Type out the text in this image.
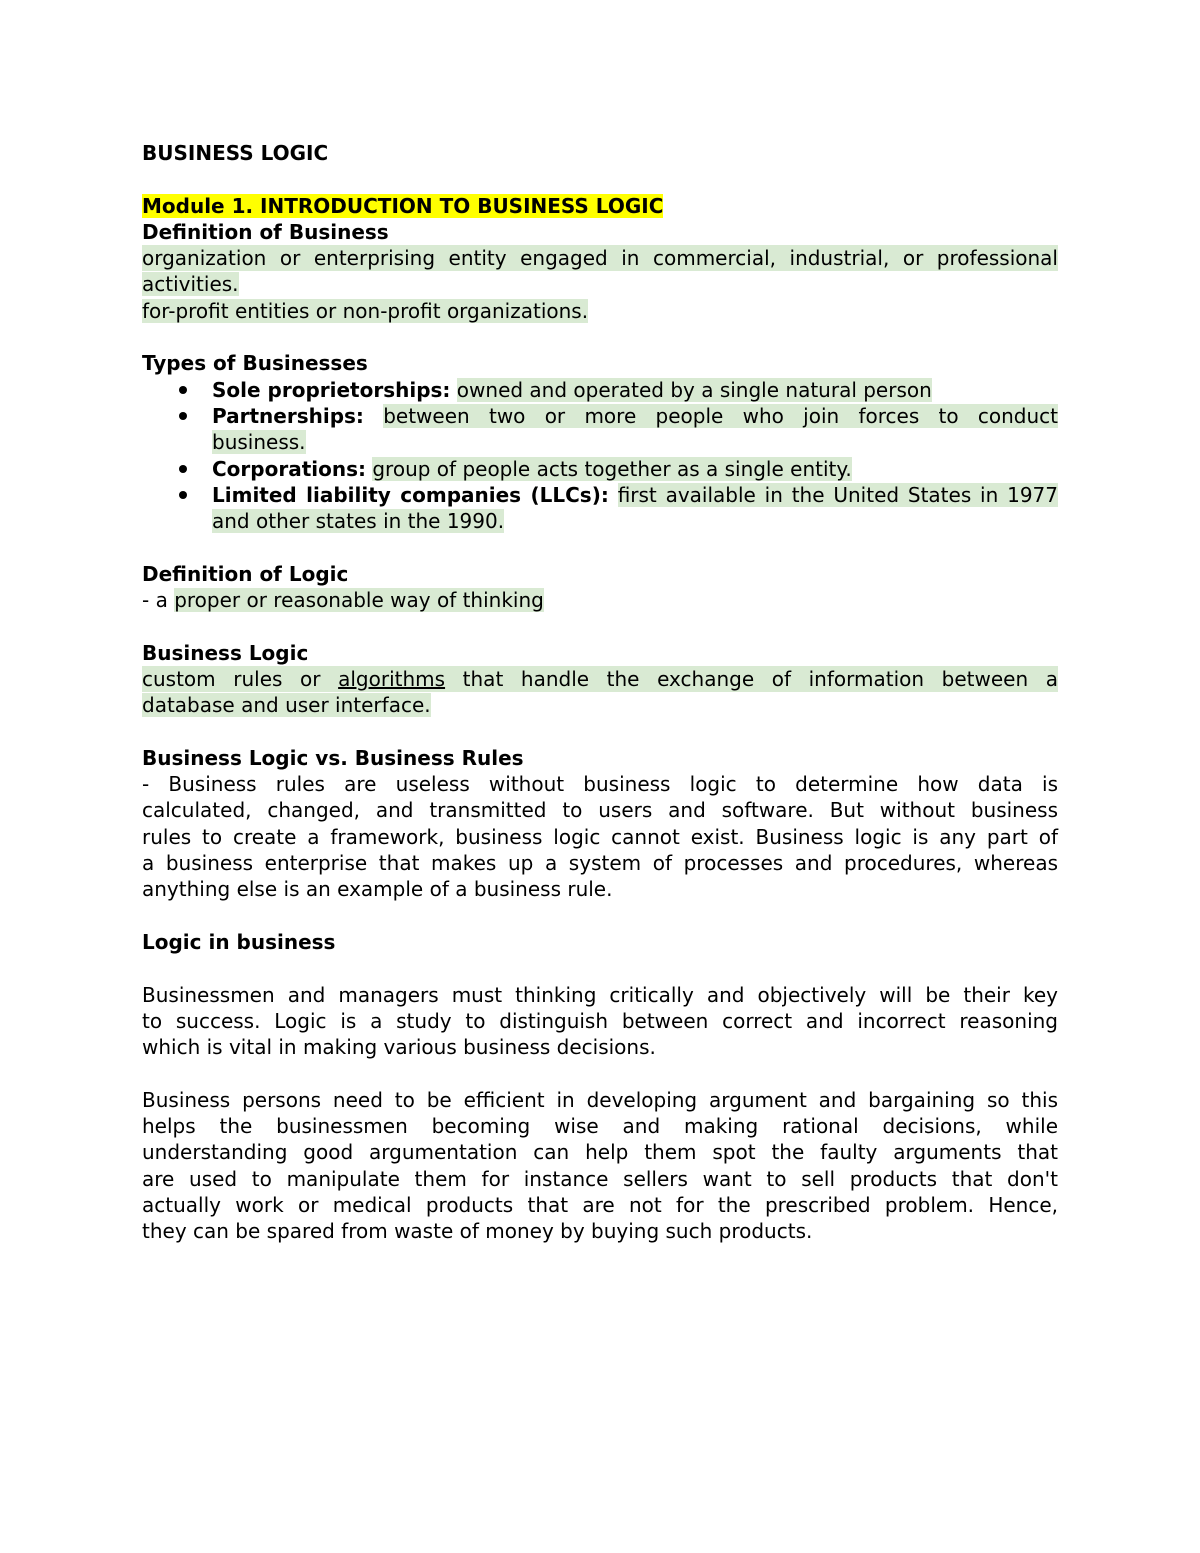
BUSINESS LOGIC
Module 1. INTRODUCTION TO BUSINESS LOGIC
Definition of Business
organization or enterprising entity engaged in commercial, industrial, or professional
activities.
for-profit entities or non-profit organizations.
Types of Businesses
Sole proprietorships: owned and operated by a single natural person
Partnerships: between two or more people who join forces to conduct
business.
Corporations: group of people acts together as a single entity.
Limited liability companies (LLCs): first available in the United States in 1977
and other states in the 1990.
Definition of Logic
- a proper or reasonable way of thinking
Business Logic
custom rules or algorithms that handle the exchange of information between a
database and user interface.
Business Logic vs. Business Rules
- Business rules are useless without business logic to determine how data is
calculated, changed, and transmitted to users and software. But without business
rules to create a framework, business logic cannot exist. Business logic is any part of
a business enterprise that makes up a system of processes and procedures, whereas
anything else is an example of a business rule.
Logic in business
Businessmen and managers must thinking critically and objectively will be their key
to success. Logic is a study to distinguish between correct and incorrect reasoning
which is vital in making various business decisions.
Business persons need to be efficient in developing argument and bargaining so this
helps the businessmen becoming wise and making rational decisions, while
understanding good argumentation can help them spot the faulty arguments that
are used to manipulate them for instance sellers want to sell products that don't
actually work or medical products that are not for the prescribed problem. Hence,
they can be spared from waste of money by buying such products.
